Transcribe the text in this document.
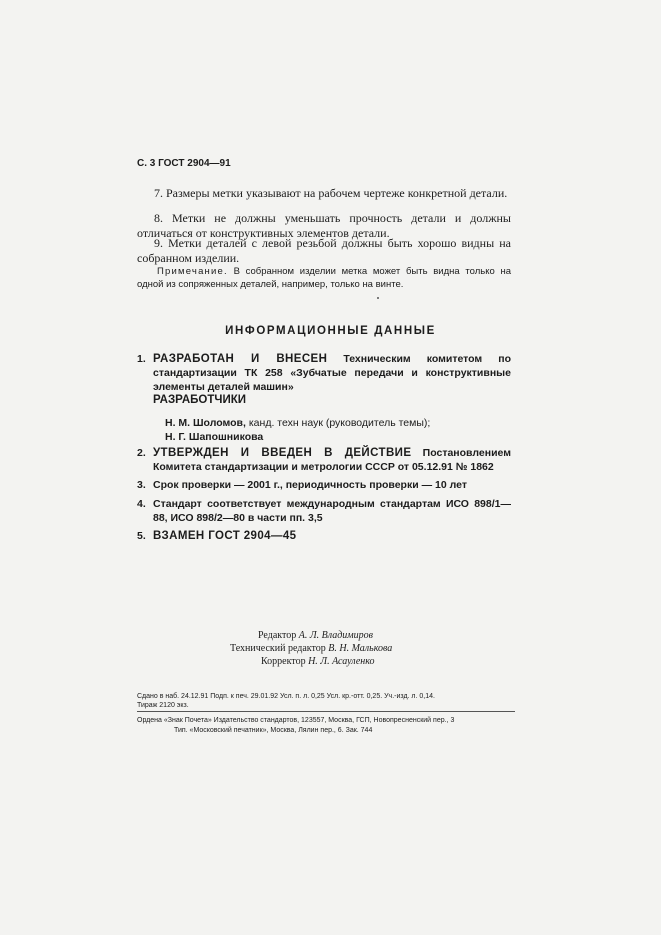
С. 3 ГОСТ 2904—91

7. Размеры метки указывают на рабочем чертеже конкретной детали.

8. Метки не должны уменьшать прочность детали и должны отличаться от конструктивных элементов детали.

9. Метки деталей с левой резьбой должны быть хорошо видны на собранном изделии.

Примечание. В собранном изделии метка может быть видна только на одной из сопряженных деталей, например, только на винте.

ИНФОРМАЦИОННЫЕ ДАННЫЕ
1. РАЗРАБОТАН И ВНЕСЕН Техническим комитетом по стандартизации ТК 258 «Зубчатые передачи и конструктивные элементы деталей машин»
РАЗРАБОТЧИКИ
Н. М. Шоломов, канд. техн наук (руководитель темы);
Н. Г. Шапошникова
2. УТВЕРЖДЕН И ВВЕДЕН В ДЕЙСТВИЕ Постановлением Комитета стандартизации и метрологии СССР от 05.12.91 № 1862
3. Срок проверки — 2001 г., периодичность проверки — 10 лет
4. Стандарт соответствует международным стандартам ИСО 898/1—88, ИСО 898/2—80 в части пп. 3,5
5. ВЗАМЕН ГОСТ 2904—45
Редактор А. Л. Владимиров
Технический редактор В. Н. Малькова
Корректор Н. Л. Асауленко
Сдано в наб. 24.12.91 Подп. к печ. 29.01.92 Усл. п. л. 0,25 Усл. кр.-отт. 0,25. Уч.-изд. л. 0,14.
Тираж 2120 экз.
Ордена «Знак Почета» Издательство стандартов, 123557, Москва, ГСП, Новопресненский пер., 3
Тип. «Московский печатник», Москва, Лялин пер., 6. Зак. 744
